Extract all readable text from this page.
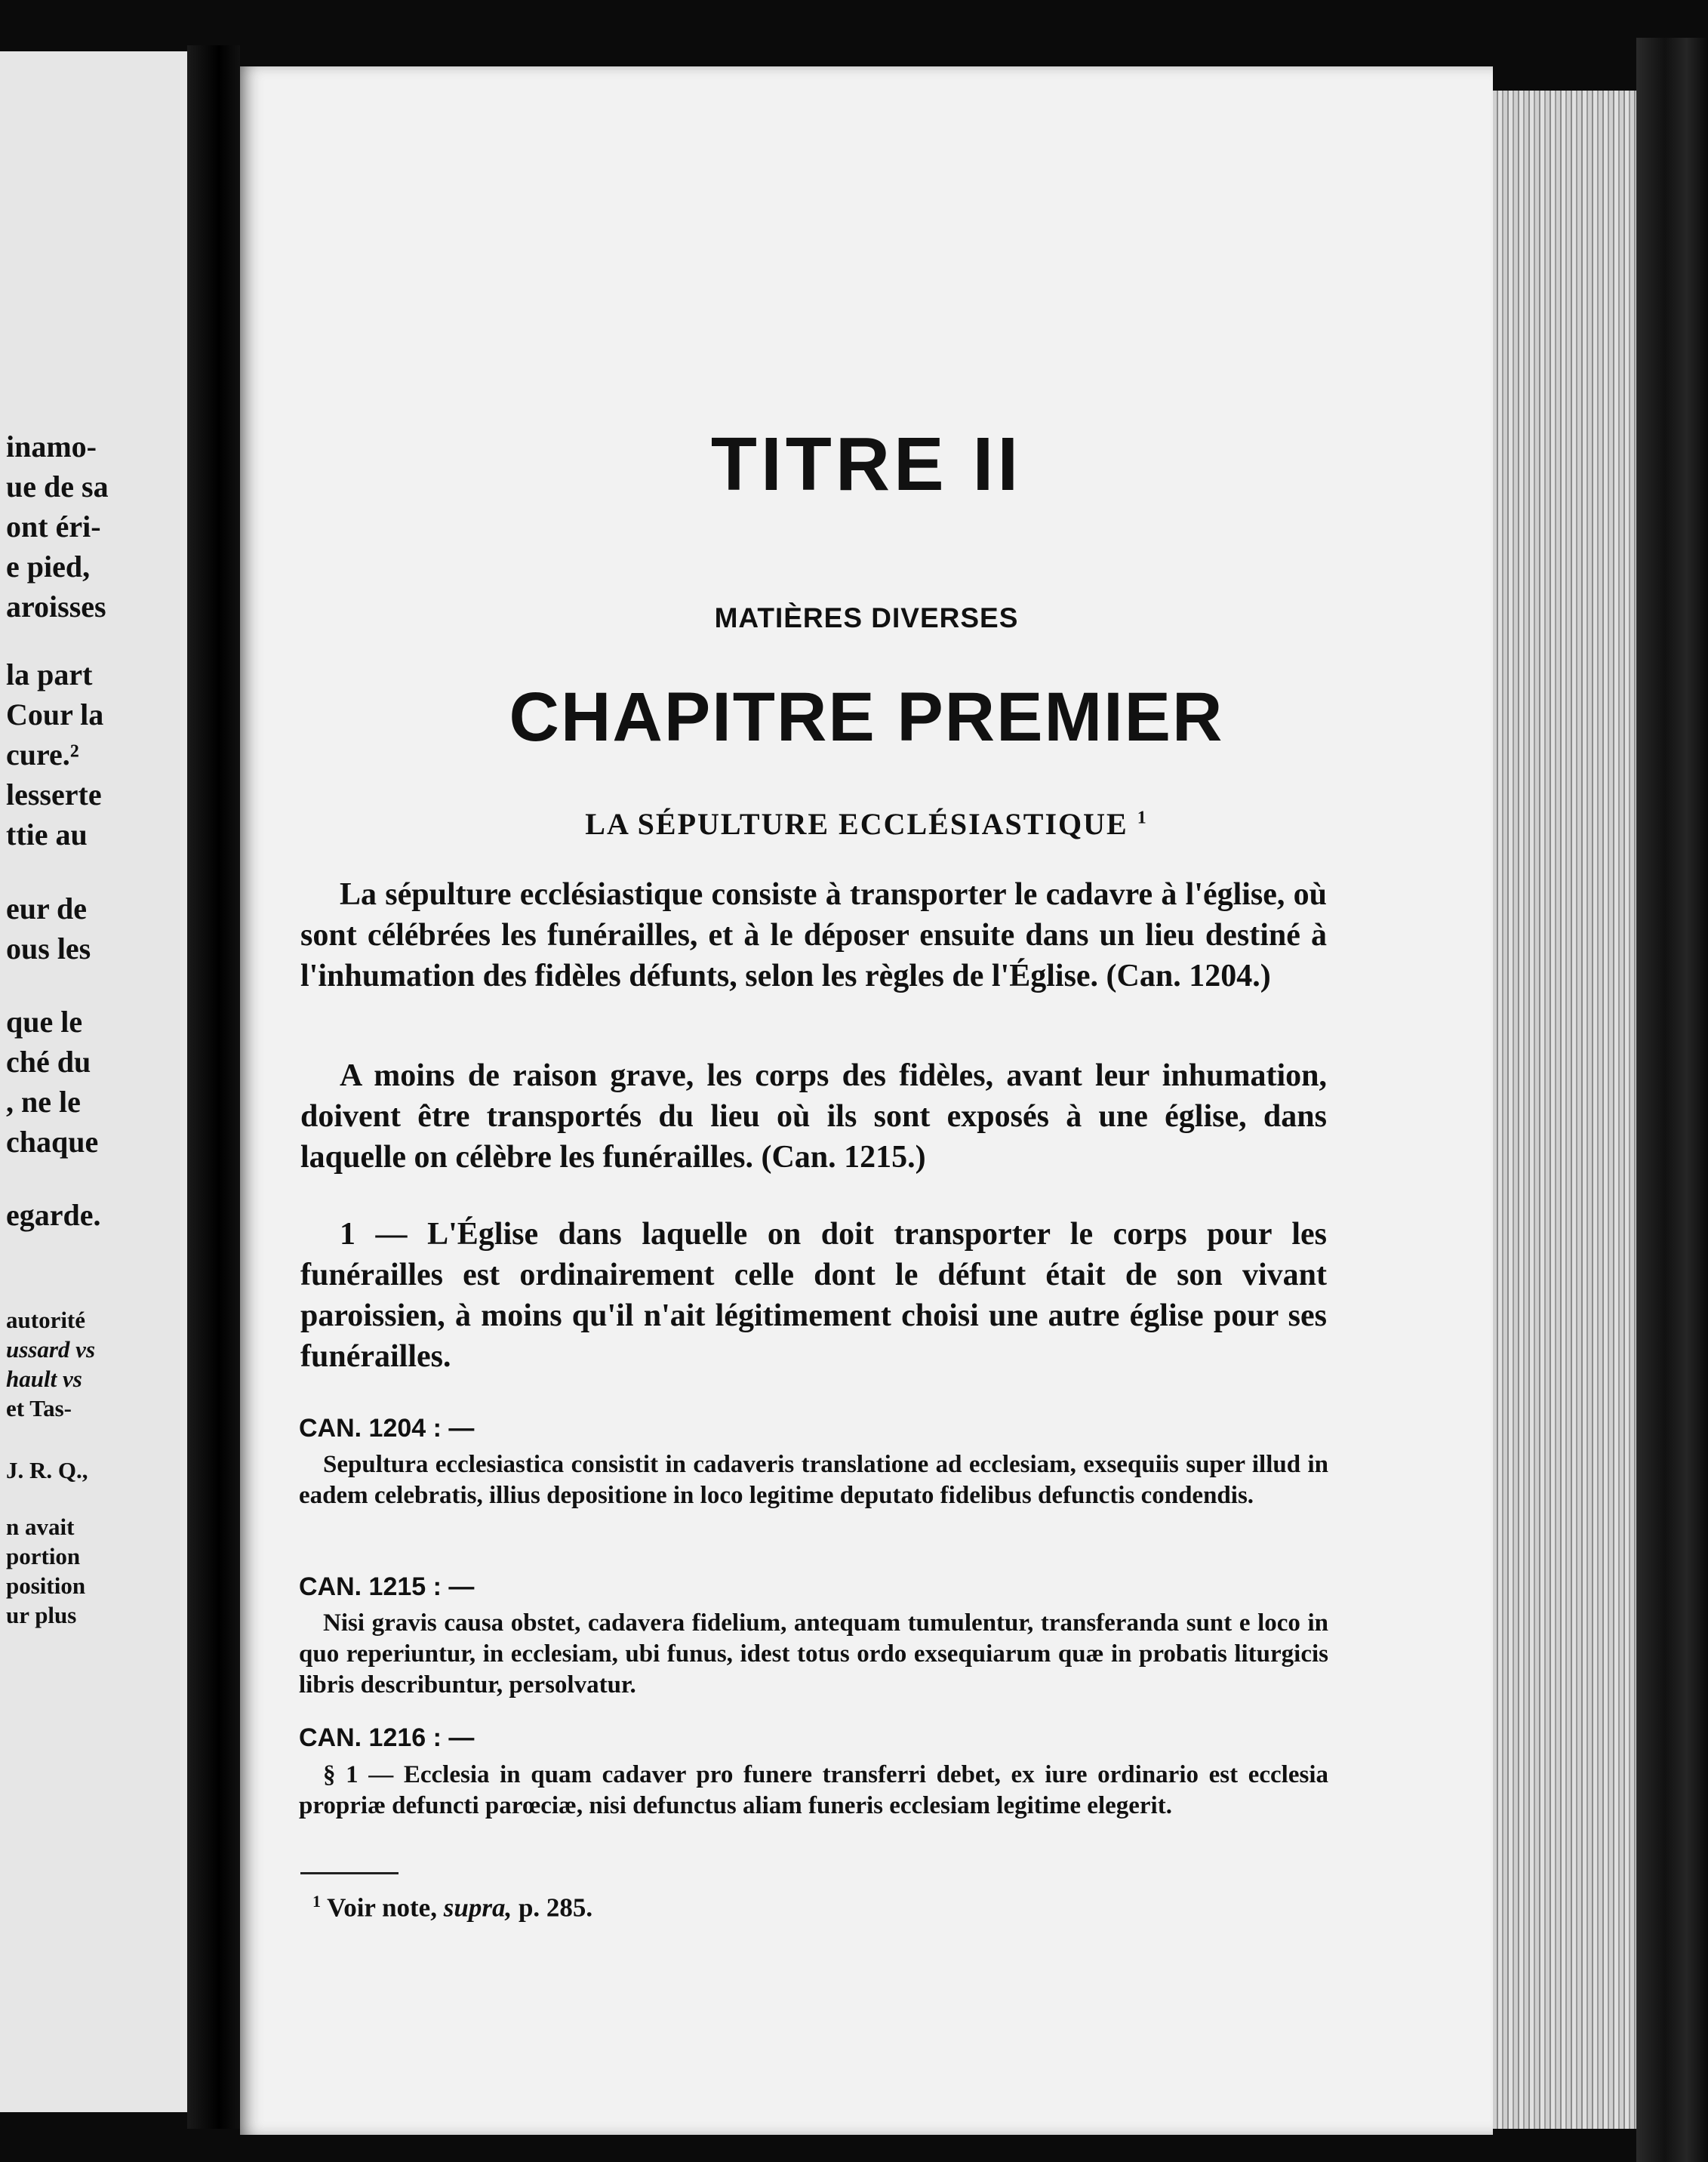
inamo-
ue de sa
ont éri-
e pied,
aroisses
la part
Cour la
cure.²
lesserte
ttie au
eur de
ous les
que le
ché du
, ne le
chaque
egarde.
autorité
ussard vs
hault vs
et Tas-
J. R. Q.,
n avait
portion
position
ur plus
TITRE II
MATIÈRES DIVERSES
CHAPITRE PREMIER
LA SÉPULTURE ECCLÉSIASTIQUE $^1$

La sépulture ecclésiastique consiste à transporter le cadavre à l'église, où sont célébrées les funérailles, et à le déposer ensuite dans un lieu destiné à l'inhumation des fidèles défunts, selon les règles de l'Église. (Can. 1204.)

A moins de raison grave, les corps des fidèles, avant leur inhumation, doivent être transportés du lieu où ils sont exposés à une église, dans laquelle on célèbre les funérailles. (Can. 1215.)

1 — L'Église dans laquelle on doit transporter le corps pour les funérailles est ordinairement celle dont le défunt était de son vivant paroissien, à moins qu'il n'ait légitimement choisi une autre église pour ses funérailles.

CAN. 1204 : —

Sepultura ecclesiastica consistit in cadaveris translatione ad ecclesiam, exsequiis super illud in eadem celebratis, illius depositione in loco legitime deputato fidelibus defunctis condendis.

CAN. 1215 : —

Nisi gravis causa obstet, cadavera fidelium, antequam tumulentur, transferanda sunt e loco in quo reperiuntur, in ecclesiam, ubi funus, idest totus ordo exsequiarum quæ in probatis liturgicis libris describuntur, persolvatur.

CAN. 1216 : —

§ 1 — Ecclesia in quam cadaver pro funere transferri debet, ex iure ordinario est ecclesia propriæ defuncti parœciæ, nisi defunctus aliam funeris ecclesiam legitime elegerit.

$^1$ Voir note, supra, p. 285.
